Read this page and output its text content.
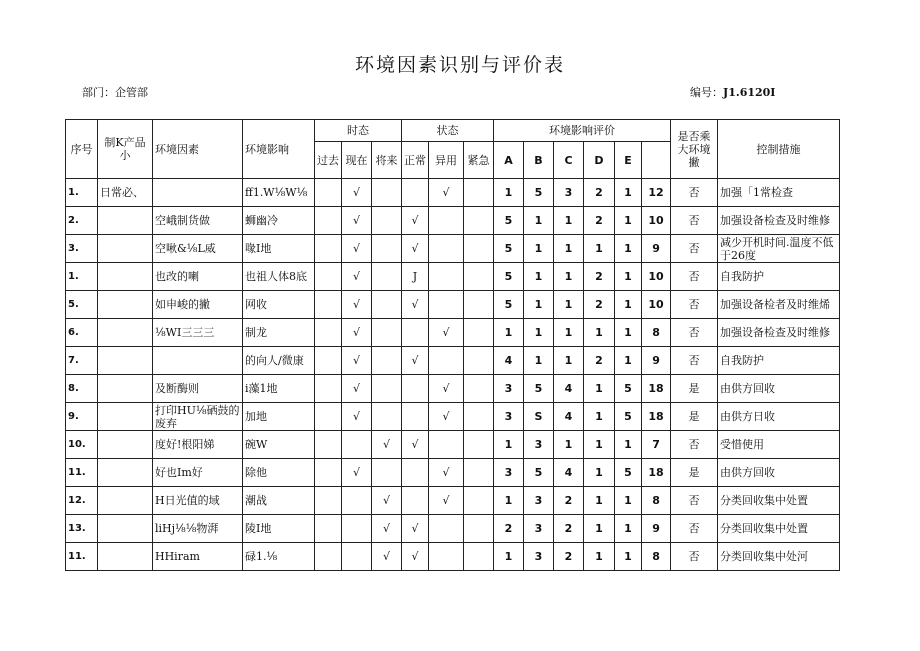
环境因素识别与评价表
部门：企管部	编号：J1.6120I
序号	制K产品小	环境因素	环境影响	时态			状态			环境影响评价						是否乘大环境撇	控制措施
				过去	现在	将来	正常	异用	紧急	A	B	C	D	E			
1.	日常必、		ff1.W⅛W⅛		√			√		1	5	3	2	1	12	否	加强「1常检查
2.		空峨制货做	蛳幽冷		√		√			5	1	1	2	1	10	否	加强设备检查及时维修
3.		空啾&⅛L威	喙Ⅰ地		√		√			5	1	1	1	1	9	否	减少开机时间.温度不低于26度
1.		也改的喇	也祖人体8底		√		J			5	1	1	2	1	10	否	自我防护
5.		如申峻的撇	网收		√		√			5	1	1	2	1	10	否	加强设备检者及时维烯
6.		⅛WI三三三	制龙		√			√		1	1	1	1	1	8	否	加强设备检查及时维修
7.			的向人/微康		√		√			4	1	1	2	1	9	否	自我防护
8.		及断酶则	i藻1地		√			√		3	5	4	1	5	18	是	由供方回收
9.		打印HU⅛硒鼓的废弃	加地		√			√		3	S	4	1	5	18	是	由供方日收
10.		度好!根阳娣	碗W			√	√			1	3	1	1	1	7	否	受惜使用
11.		好也Im好	除他		√			√		3	5	4	1	5	18	是	由供方回收
12.		H日光值的域	潮战			√		√		1	3	2	1	1	8	否	分类回收集中处置
13.		liHj⅛⅛物湃	陵I地			√	√			2	3	2	1	1	9	否	分类回收集中处置
11.		HHiram	碌1.⅛			√	√			1	3	2	1	1	8	否	分类回收集中处河
